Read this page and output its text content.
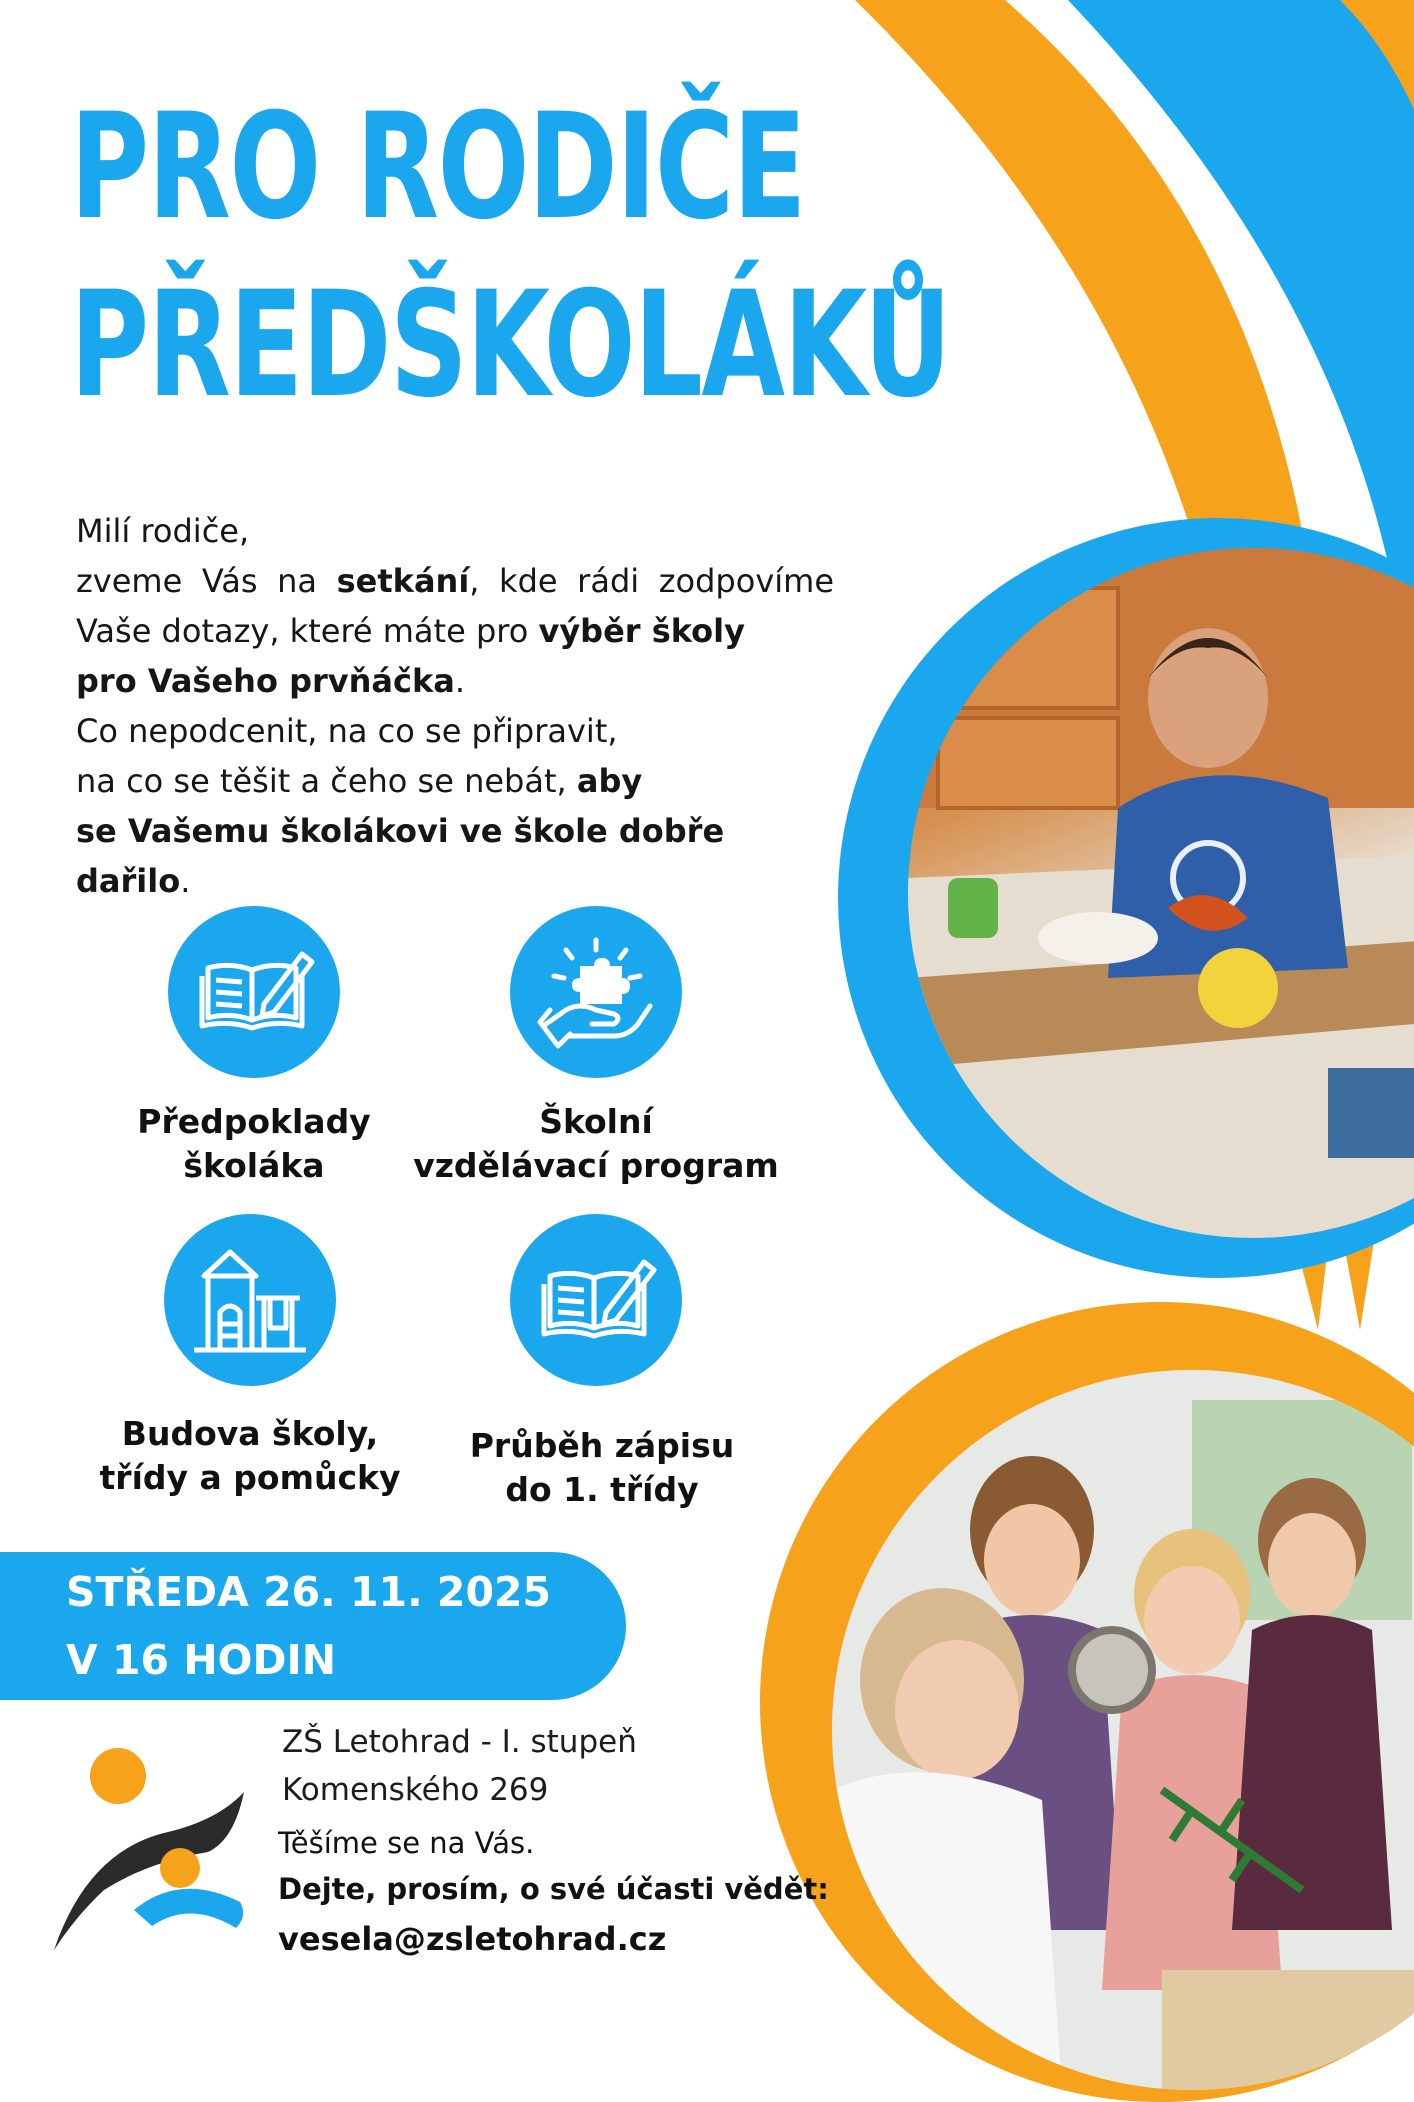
PRO RODIČE
PŘEDŠKOLÁKŮ

Milí rodiče,

zveme Vás na setkání, kde rádi zodpovíme

Vaše dotazy, které máte pro výběr školy

pro Vašeho prvňáčka.

Co nepodcenit, na co se připravit,

na co se těšit a čeho se nebát, aby

se Vašemu školákovi ve škole dobře dařilo.

Předpoklady
školáka
Školní
vzdělávací program
Budova školy,
třídy a pomůcky
Průběh zápisu
do 1. třídy
STŘEDA 26. 11. 2025
V 16 HODIN
ZŠ Letohrad - I. stupeň
Komenského 269
Těšíme se na Vás.
Dejte, prosím, o své účasti vědět:
vesela@zsletohrad.cz
